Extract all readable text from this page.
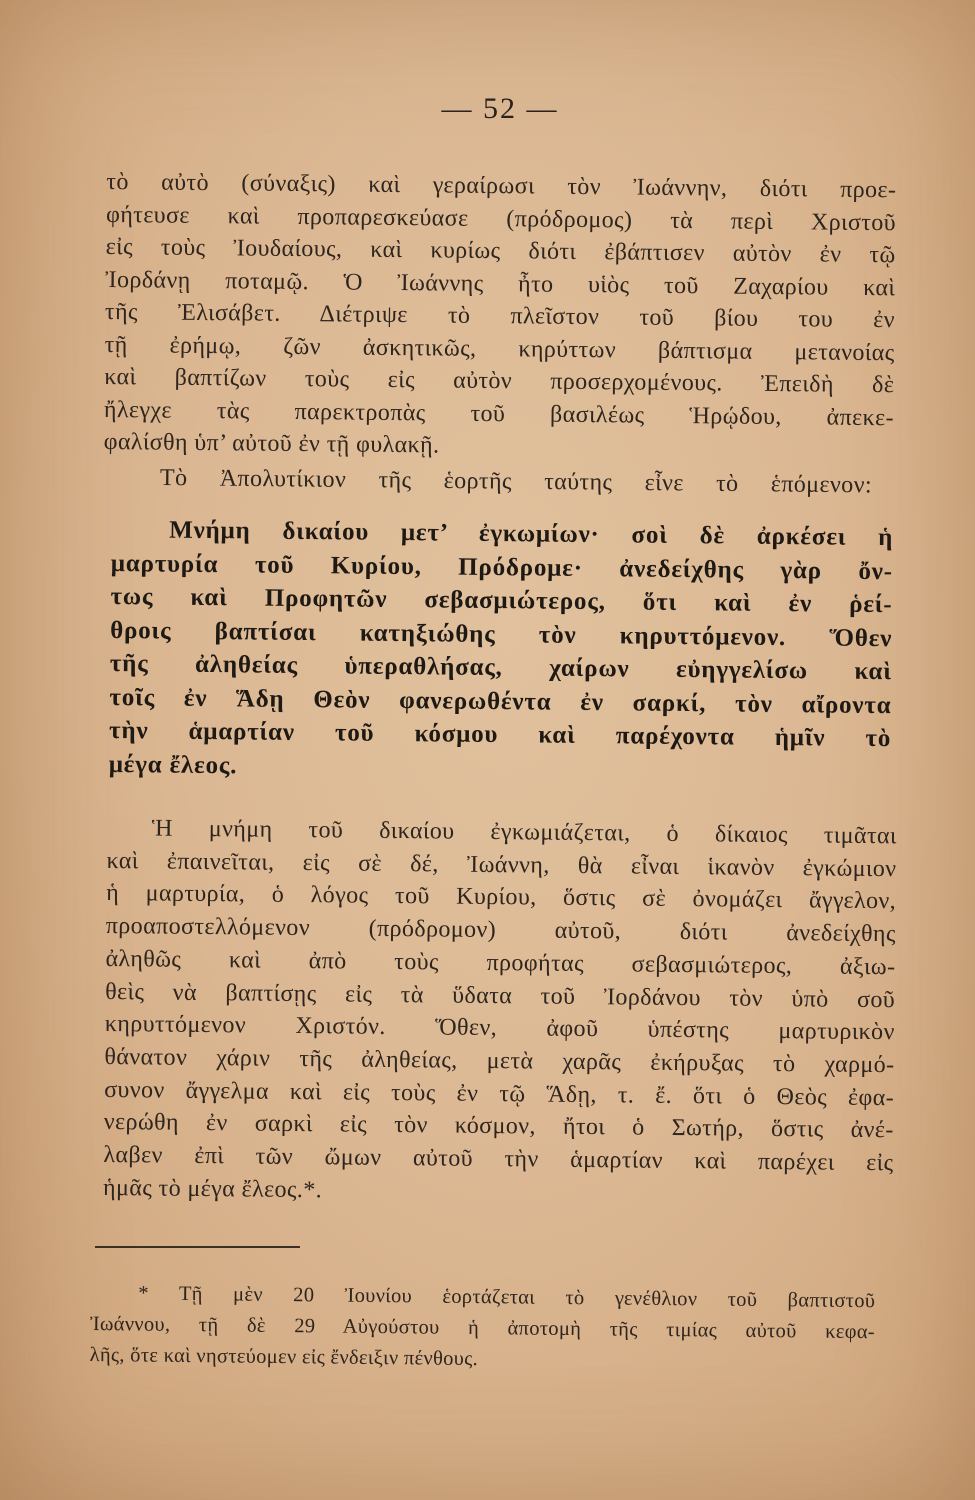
— 52 —
τὸ αὐτὸ (σύναξις) καὶ γεραίρωσι τὸν Ἰωάννην, διότι προε-
φήτευσε καὶ προπαρεσκεύασε (πρόδρομος) τὰ περὶ Χριστοῦ
εἰς τοὺς Ἰουδαίους, καὶ κυρίως διότι ἐβάπτισεν αὐτὸν ἐν τῷ
Ἰορδάνῃ ποταμῷ. Ὁ Ἰωάννης ἦτο υἱὸς τοῦ Ζαχαρίου καὶ
τῆς Ἐλισάβετ. Διέτριψε τὸ πλεῖστον τοῦ βίου του ἐν
τῇ ἐρήμῳ, ζῶν ἀσκητικῶς, κηρύττων βάπτισμα μετανοίας
καὶ βαπτίζων τοὺς εἰς αὐτὸν προσερχομένους. Ἐπειδὴ δὲ
ἤλεγχε τὰς παρεκτροπὰς τοῦ βασιλέως Ἡρῴδου, ἀπεκε-
φαλίσθη ὑπ’ αὐτοῦ ἐν τῇ φυλακῇ.
Τὸ Ἀπολυτίκιον τῆς ἑορτῆς ταύτης εἶνε τὸ ἑπόμενον:
Μνήμη δικαίου μετ’ ἐγκωμίων· σοὶ δὲ ἀρκέσει ἡ
μαρτυρία τοῦ Κυρίου, Πρόδρομε· ἀνεδείχθης γὰρ ὄν-
τως καὶ Προφητῶν σεβασμιώτερος, ὅτι καὶ ἐν ῥεί-
θροις βαπτίσαι κατηξιώθης τὸν κηρυττόμενον. Ὅθεν
τῆς ἀληθείας ὑπεραθλήσας, χαίρων εὐηγγελίσω καὶ
τοῖς ἐν Ἅδῃ Θεὸν φανερωθέντα ἐν σαρκί, τὸν αἴροντα
τὴν ἁμαρτίαν τοῦ κόσμου καὶ παρέχοντα ἡμῖν τὸ
μέγα ἔλεος.
Ἡ μνήμη τοῦ δικαίου ἐγκωμιάζεται, ὁ δίκαιος τιμᾶται
καὶ ἐπαινεῖται, εἰς σὲ δέ, Ἰωάννη, θὰ εἶναι ἱκανὸν ἐγκώμιον
ἡ μαρτυρία, ὁ λόγος τοῦ Κυρίου, ὅστις σὲ ὀνομάζει ἄγγελον,
προαποστελλόμενον (πρόδρομον) αὐτοῦ, διότι ἀνεδείχθης
ἀληθῶς καὶ ἀπὸ τοὺς προφήτας σεβασμιώτερος, ἀξιω-
θεὶς νὰ βαπτίσῃς εἰς τὰ ὕδατα τοῦ Ἰορδάνου τὸν ὑπὸ σοῦ
κηρυττόμενον Χριστόν. Ὅθεν, ἀφοῦ ὑπέστης μαρτυρικὸν
θάνατον χάριν τῆς ἀληθείας, μετὰ χαρᾶς ἐκήρυξας τὸ χαρμό-
συνον ἄγγελμα καὶ εἰς τοὺς ἐν τῷ Ἅδῃ, τ. ἔ. ὅτι ὁ Θεὸς ἐφα-
νερώθη ἐν σαρκὶ εἰς τὸν κόσμον, ἤτοι ὁ Σωτήρ, ὅστις ἀνέ-
λαβεν ἐπὶ τῶν ὤμων αὐτοῦ τὴν ἁμαρτίαν καὶ παρέχει εἰς
ἡμᾶς τὸ μέγα ἔλεος.*.
* Τῇ μὲν 20 Ἰουνίου ἑορτάζεται τὸ γενέθλιον τοῦ βαπτιστοῦ
Ἰωάννου, τῇ δὲ 29 Αὐγούστου ἡ ἀποτομὴ τῆς τιμίας αὐτοῦ κεφα-
λῆς, ὅτε καὶ νηστεύομεν εἰς ἔνδειξιν πένθους.
